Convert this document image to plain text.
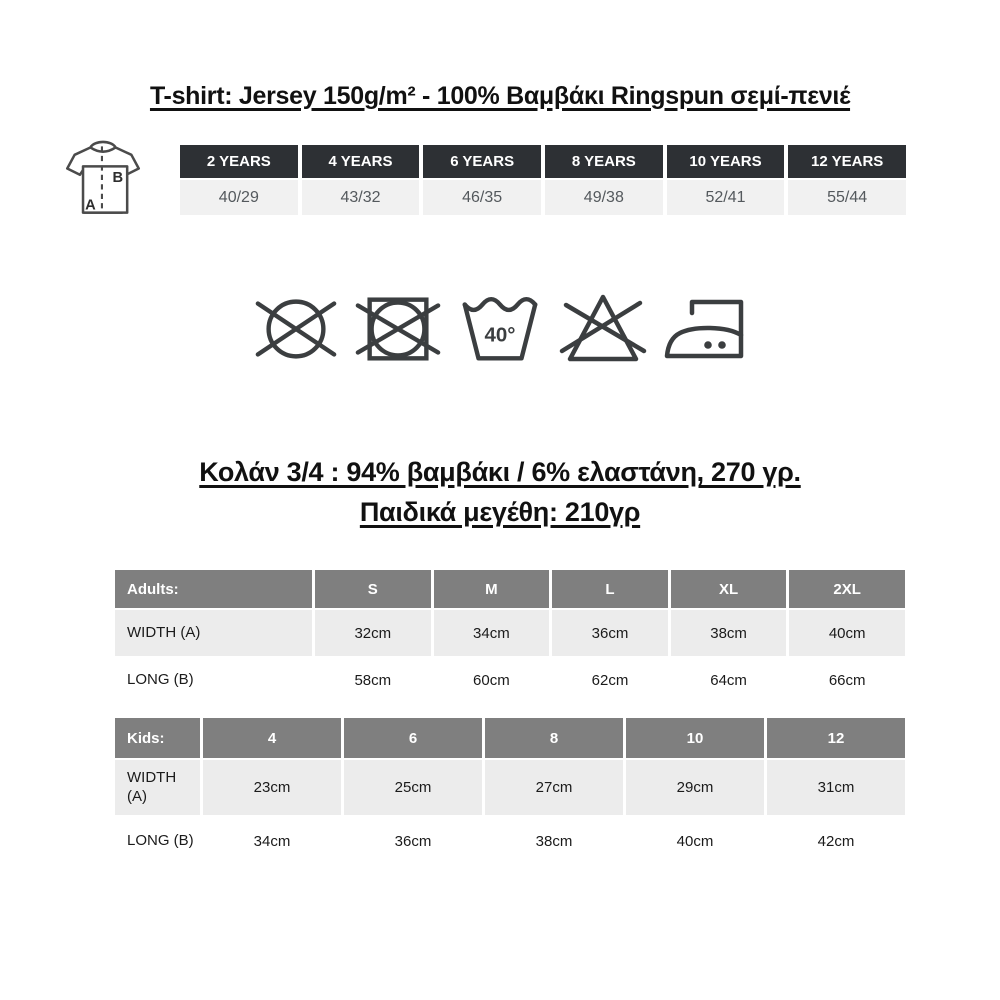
T-shirt: Jersey 150g/m² - 100% Βαμβάκι Ringspun σεμί-πενιέ
B
A
2 YEARS	4 YEARS	6 YEARS	8 YEARS	10 YEARS	12 YEARS
40/29	43/32	46/35	49/38	52/41	55/44
40°
Κολάν 3/4 : 94% βαμβάκι / 6% ελαστάνη, 270 γρ.
Παιδικά μεγέθη: 210γρ
Adults:	S	M	L	XL	2XL
WIDTH (A)	32cm	34cm	36cm	38cm	40cm
LONG (B)	58cm	60cm	62cm	64cm	66cm
Kids:	4	6	8	10	12
WIDTH (A)	23cm	25cm	27cm	29cm	31cm
LONG (B)	34cm	36cm	38cm	40cm	42cm
